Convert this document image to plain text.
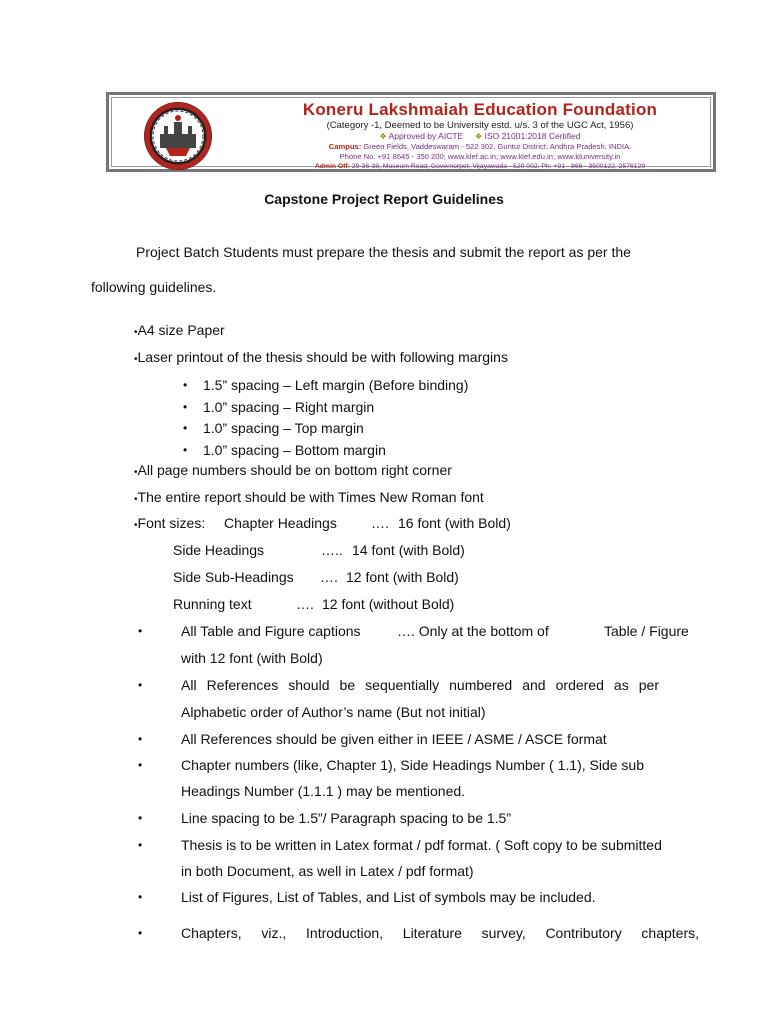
Koneru Lakshmaiah Education Foundation
(Category -1, Deemed to be University estd. u/s. 3 of the UGC Act, 1956)
❖ Approved by AICTE ❖ ISO 21001:2018 Certified
Campus: Green Fields, Vaddeswaram - 522 302, Guntur District, Andhra Pradesh, INDIA.
Phone No. +91 8645 - 350 200; www.klef.ac.in; www.klef.edu.in; www.kluniversity.in
Admin Off: 29-36-38, Museum Road, Governorpet, Vijayawada - 520 002. Ph: +91 - 866 - 3500122, 2576129
Capstone Project Report Guidelines
Project Batch Students must prepare the thesis and submit the report as per the
following guidelines.
•A4 size Paper
•Laser printout of the thesis should be with following margins
• 1.5” spacing – Left margin (Before binding)
• 1.0” spacing – Right margin
• 1.0” spacing – Top margin
• 1.0” spacing – Bottom margin
•All page numbers should be on bottom right corner
•The entire report should be with Times New Roman font
•Font sizes: Chapter Headings …. 16 font (with Bold)
Side Headings	….. 14 font (with Bold)
Side Sub-Headings …. 12 font (with Bold)
Running text	…. 12 font (without Bold)
•	All Table and Figure captions	…. Only at the bottom of	Table / Figure
with 12 font (with Bold)
•	All References should be sequentially numbered and ordered as per
Alphabetic order of Author’s name (But not initial)
•	All References should be given either in IEEE / ASME / ASCE format
•	Chapter numbers (like, Chapter 1), Side Headings Number ( 1.1), Side sub
Headings Number (1.1.1 ) may be mentioned.
•	Line spacing to be 1.5”/ Paragraph spacing to be 1.5”
•	Thesis is to be written in Latex format / pdf format. ( Soft copy to be submitted
in both Document, as well in Latex / pdf format)
•	List of Figures, List of Tables, and List of symbols may be included.
•	Chapters, viz., Introduction, Literature survey, Contributory chapters,
